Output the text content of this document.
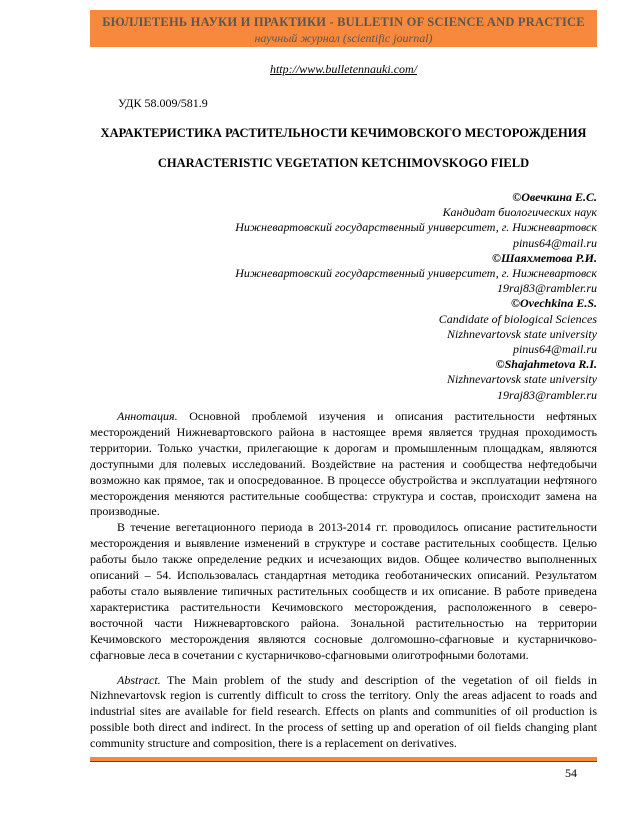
БЮЛЛЕТЕНЬ НАУКИ И ПРАКТИКИ - BULLETIN OF SCIENCE AND PRACTICE
научный журнал (scientific journal)
http://www.bulletennauki.com/
УДК 58.009/581.9
ХАРАКТЕРИСТИКА РАСТИТЕЛЬНОСТИ КЕЧИМОВСКОГО МЕСТОРОЖДЕНИЯ
CHARACTERISTIC VEGETATION KETCHIMOVSKOGO FIELD
©Овечкина Е.С.
Кандидат биологических наук
Нижневартовский государственный университет, г. Нижневартовск
pinus64@mail.ru
©Шаяхметова Р.И.
Нижневартовский государственный университет, г. Нижневартовск
19raj83@rambler.ru
©Ovechkina E.S.
Candidate of biological Sciences
Nizhnevartovsk state university
pinus64@mail.ru
©Shajahmetova R.I.
Nizhnevartovsk state university
19raj83@rambler.ru

Аннотация. Основной проблемой изучения и описания растительности нефтяных месторождений Нижневартовского района в настоящее время является трудная проходимость территории. Только участки, прилегающие к дорогам и промышленным площадкам, являются доступными для полевых исследований. Воздействие на растения и сообщества нефтедобычи возможно как прямое, так и опосредованное. В процессе обустройства и эксплуатации нефтяного месторождения меняются растительные сообщества: структура и состав, происходит замена на производные.

В течение вегетационного периода в 2013-2014 гг. проводилось описание растительности месторождения и выявление изменений в структуре и составе растительных сообществ. Целью работы было также определение редких и исчезающих видов. Общее количество выполненных описаний – 54. Использовалась стандартная методика геоботанических описаний. Результатом работы стало выявление типичных растительных сообществ и их описание. В работе приведена характеристика растительности Кечимовского месторождения, расположенного в северо-восточной части Нижневартовского района. Зональной растительностью на территории Кечимовского месторождения являются сосновые долгомошно-сфагновые и кустарничково-сфагновые леса в сочетании с кустарничково-сфагновыми олиготрофными болотами.

Abstract. The Main problem of the study and description of the vegetation of oil fields in Nizhnevartovsk region is currently difficult to cross the territory. Only the areas adjacent to roads and industrial sites are available for field research. Effects on plants and communities of oil production is possible both direct and indirect. In the process of setting up and operation of oil fields changing plant community structure and composition, there is a replacement on derivatives.

54
